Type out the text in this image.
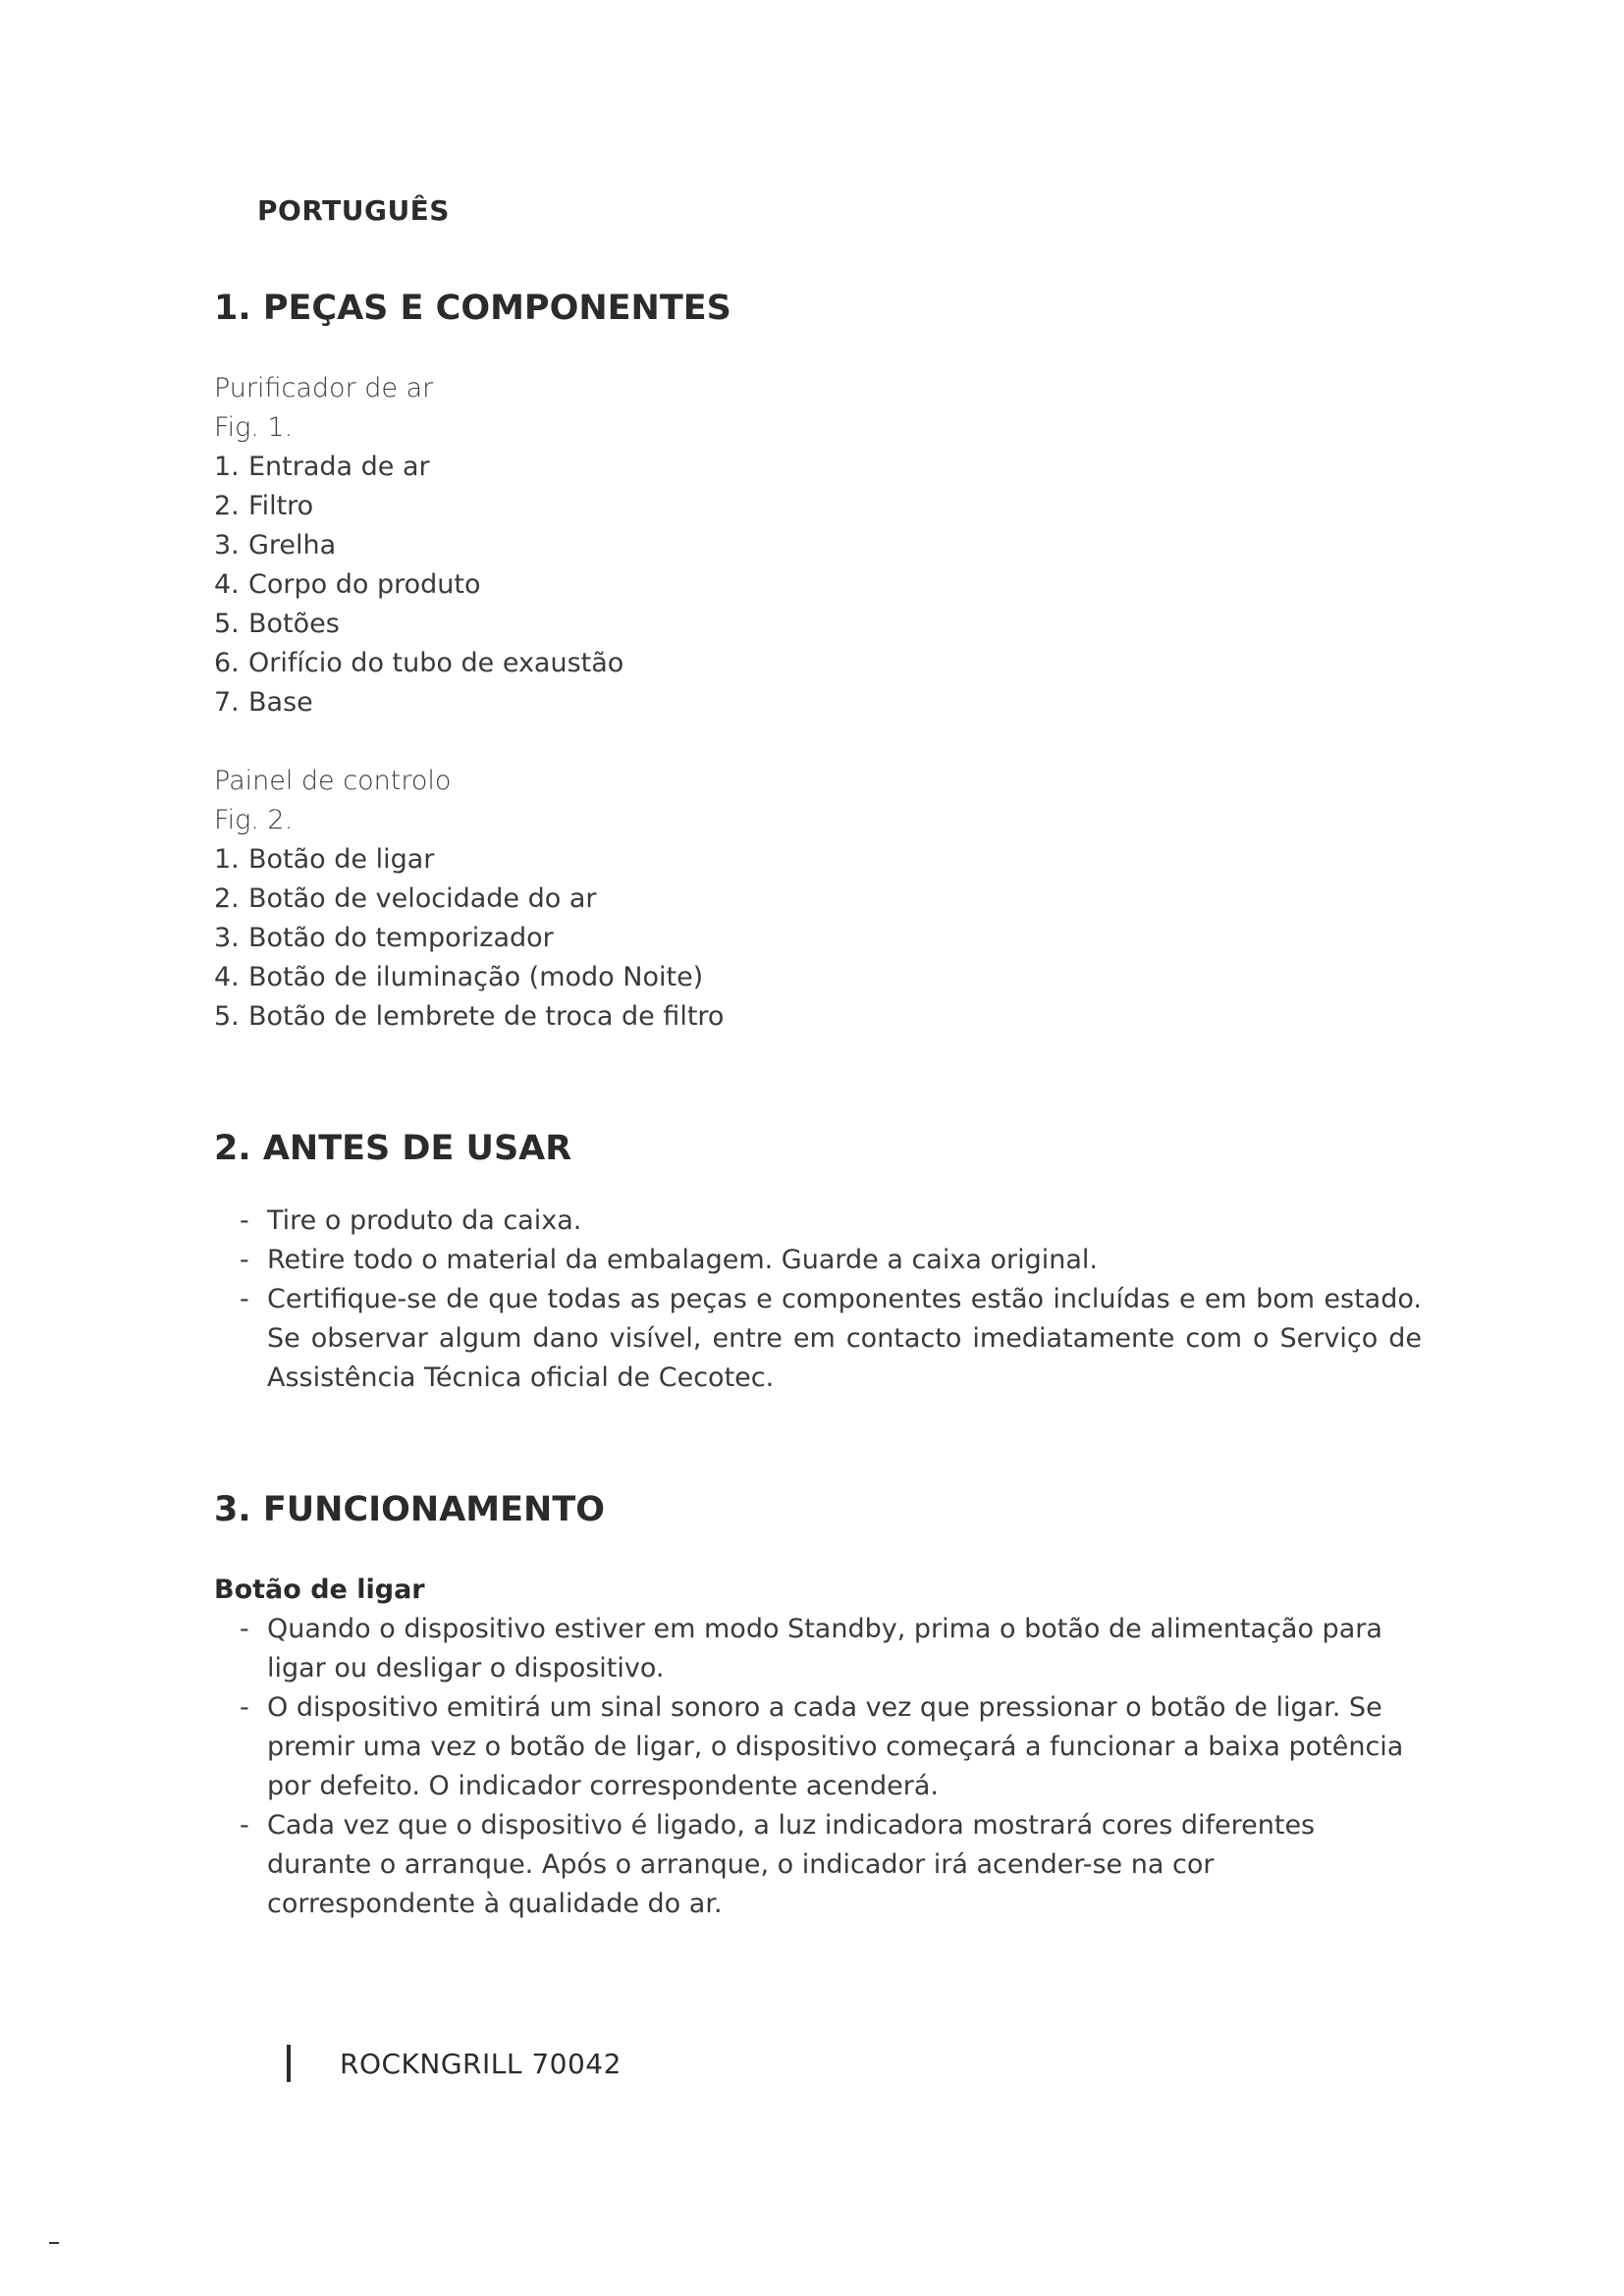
PORTUGUÊS
1. PEÇAS E COMPONENTES

Purificador de ar

Fig. 1.

1. Entrada de ar
2. Filtro
3. Grelha
4. Corpo do produto
5. Botões
6. Orifício do tubo de exaustão
7. Base

Painel de controlo

Fig. 2.

1. Botão de ligar
2. Botão de velocidade do ar
3. Botão do temporizador
4. Botão de iluminação (modo Noite)
5. Botão de lembrete de troca de filtro
2. ANTES DE USAR
- Tire o produto da caixa.
- Retire todo o material da embalagem. Guarde a caixa original.
- Certifique-se de que todas as peças e componentes estão incluídas e em bom estado. Se observar algum dano visível, entre em contacto imediatamente com o Serviço de Assistência Técnica oficial de Cecotec.
3. FUNCIONAMENTO

Botão de ligar

- Quando o dispositivo estiver em modo Standby, prima o botão de alimentação para ligar ou desligar o dispositivo.
- O dispositivo emitirá um sinal sonoro a cada vez que pressionar o botão de ligar. Se premir uma vez o botão de ligar, o dispositivo começará a funcionar a baixa potência por defeito. O indicador correspondente acenderá.
- Cada vez que o dispositivo é ligado, a luz indicadora mostrará cores diferentes durante o arranque. Após o arranque, o indicador irá acender-se na cor correspondente à qualidade do ar.
ROCKNGRILL 70042
